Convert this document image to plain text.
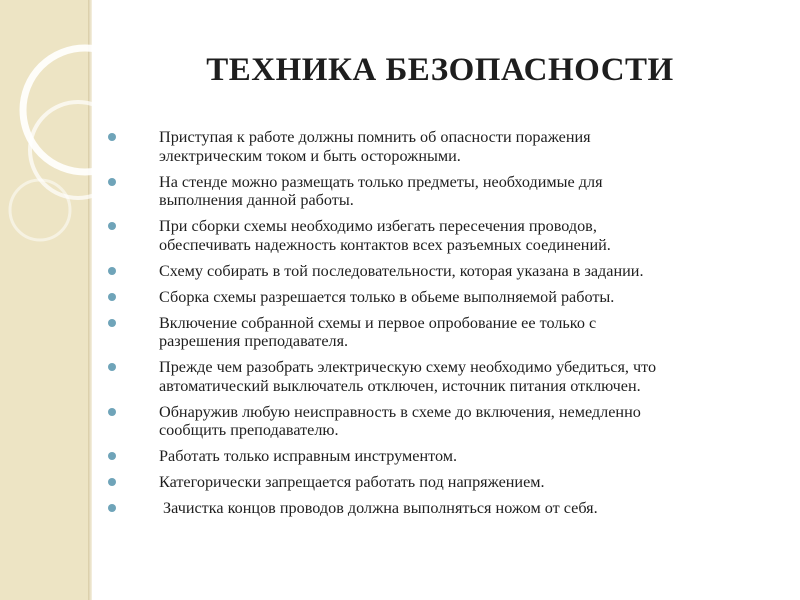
ТЕХНИКА БЕЗОПАСНОСТИ
Приступая к работе должны помнить об опасности поражения
электрическим током и быть осторожными.
На стенде можно размещать только предметы, необходимые для
выполнения данной работы.
При сборки схемы необходимо избегать пересечения проводов,
обеспечивать надежность контактов всех разъемных соединений.
Схему собирать в той последовательности, которая указана в задании.
Сборка схемы разрешается только в обьеме выполняемой работы.
Включение собранной схемы и первое опробование ее только с
разрешения преподавателя.
Прежде чем разобрать электрическую схему необходимо убедиться, что
автоматический выключатель отключен, источник питания отключен.
Обнаружив любую неисправность в схеме до включения, немедленно
сообщить преподавателю.
Работать только исправным инструментом.
Категорически запрещается работать под напряжением.
Зачистка концов проводов должна выполняться ножом от себя.
